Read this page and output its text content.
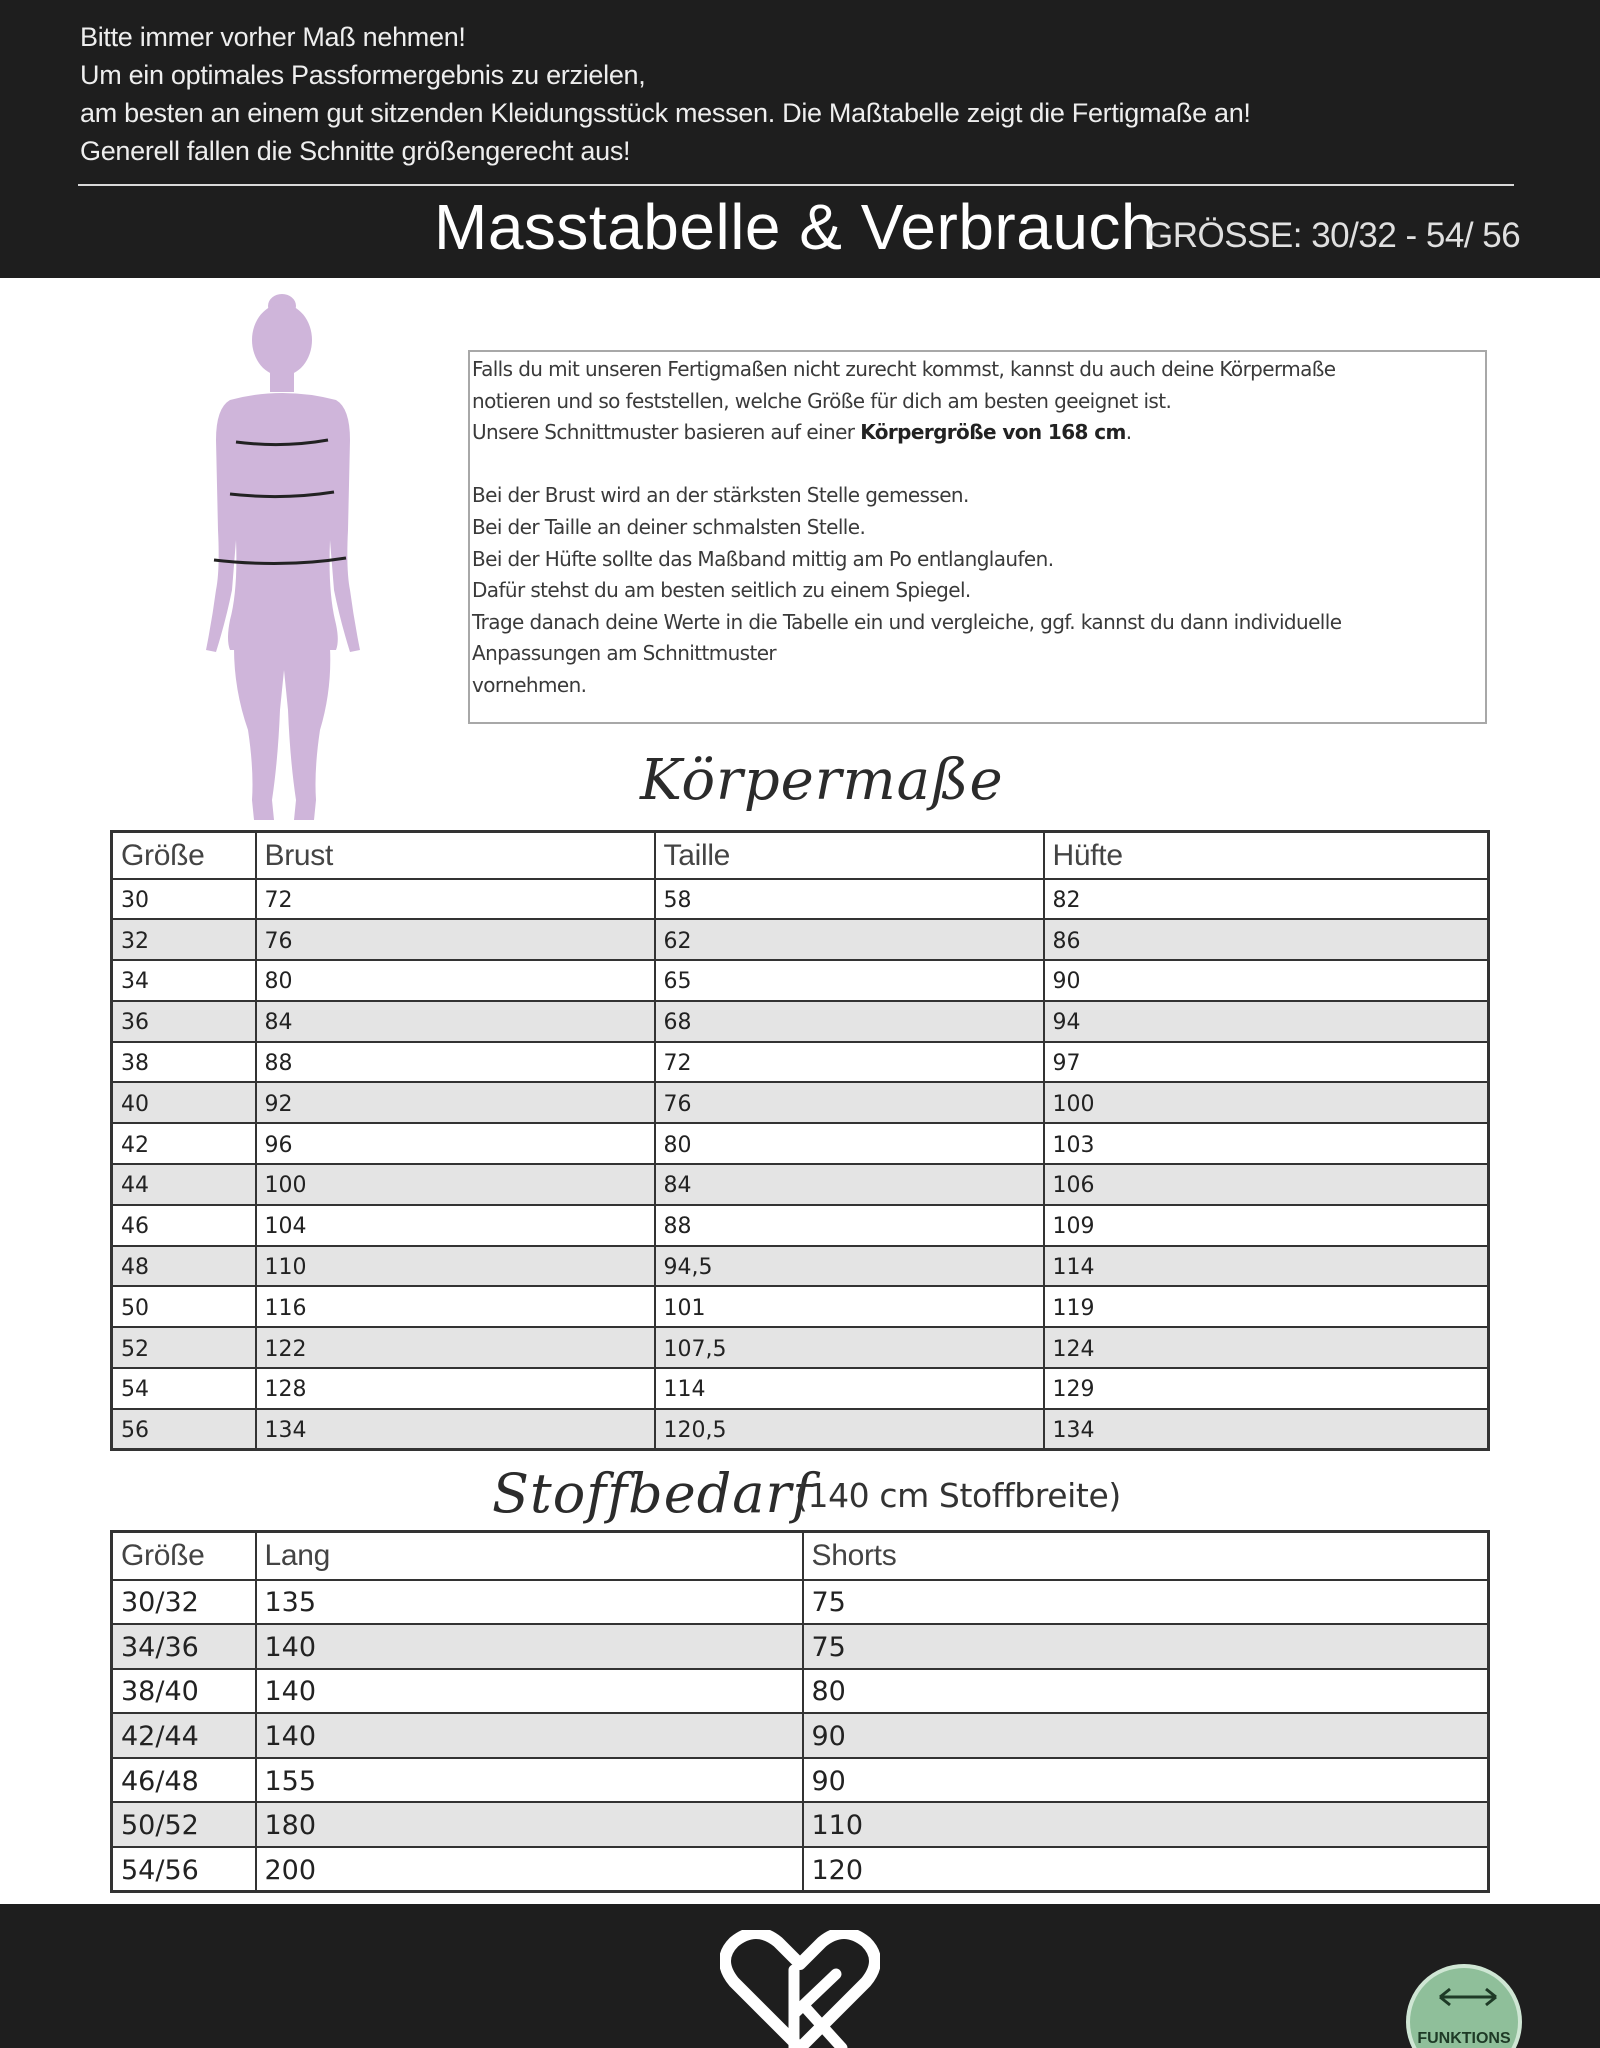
Bitte immer vorher Maß nehmen!
Um ein optimales Passformergebnis zu erzielen,
am besten an einem gut sitzenden Kleidungsstück messen. Die Maßtabelle zeigt die Fertigmaße an!
Generell fallen die Schnitte größengerecht aus!
Masstabelle & Verbrauch
GRÖSSE: 30/32 - 54/ 56

Falls du mit unseren Fertigmaßen nicht zurecht kommst, kannst du auch deine Körpermaße

notieren und so feststellen, welche Größe für dich am besten geeignet ist.

Unsere Schnittmuster basieren auf einer Körpergröße von 168 cm.

Bei der Brust wird an der stärksten Stelle gemessen.

Bei der Taille an deiner schmalsten Stelle.

Bei der Hüfte sollte das Maßband mittig am Po entlanglaufen.

Dafür stehst du am besten seitlich zu einem Spiegel.

Trage danach deine Werte in die Tabelle ein und vergleiche, ggf. kannst du dann individuelle

Anpassungen am Schnittmuster

vornehmen.

Körpermaße
Größe	Brust	Taille	Hüfte
30	72	58	82
32	76	62	86
34	80	65	90
36	84	68	94
38	88	72	97
40	92	76	100
42	96	80	103
44	100	84	106
46	104	88	109
48	110	94,5	114
50	116	101	119
52	122	107,5	124
54	128	114	129
56	134	120,5	134
Stoffbedarf
(140 cm Stoffbreite)
Größe	Lang	Shorts
30/32	135	75
34/36	140	75
38/40	140	80
42/44	140	90
46/48	155	90
50/52	180	110
54/56	200	120
FUNKTIONS
